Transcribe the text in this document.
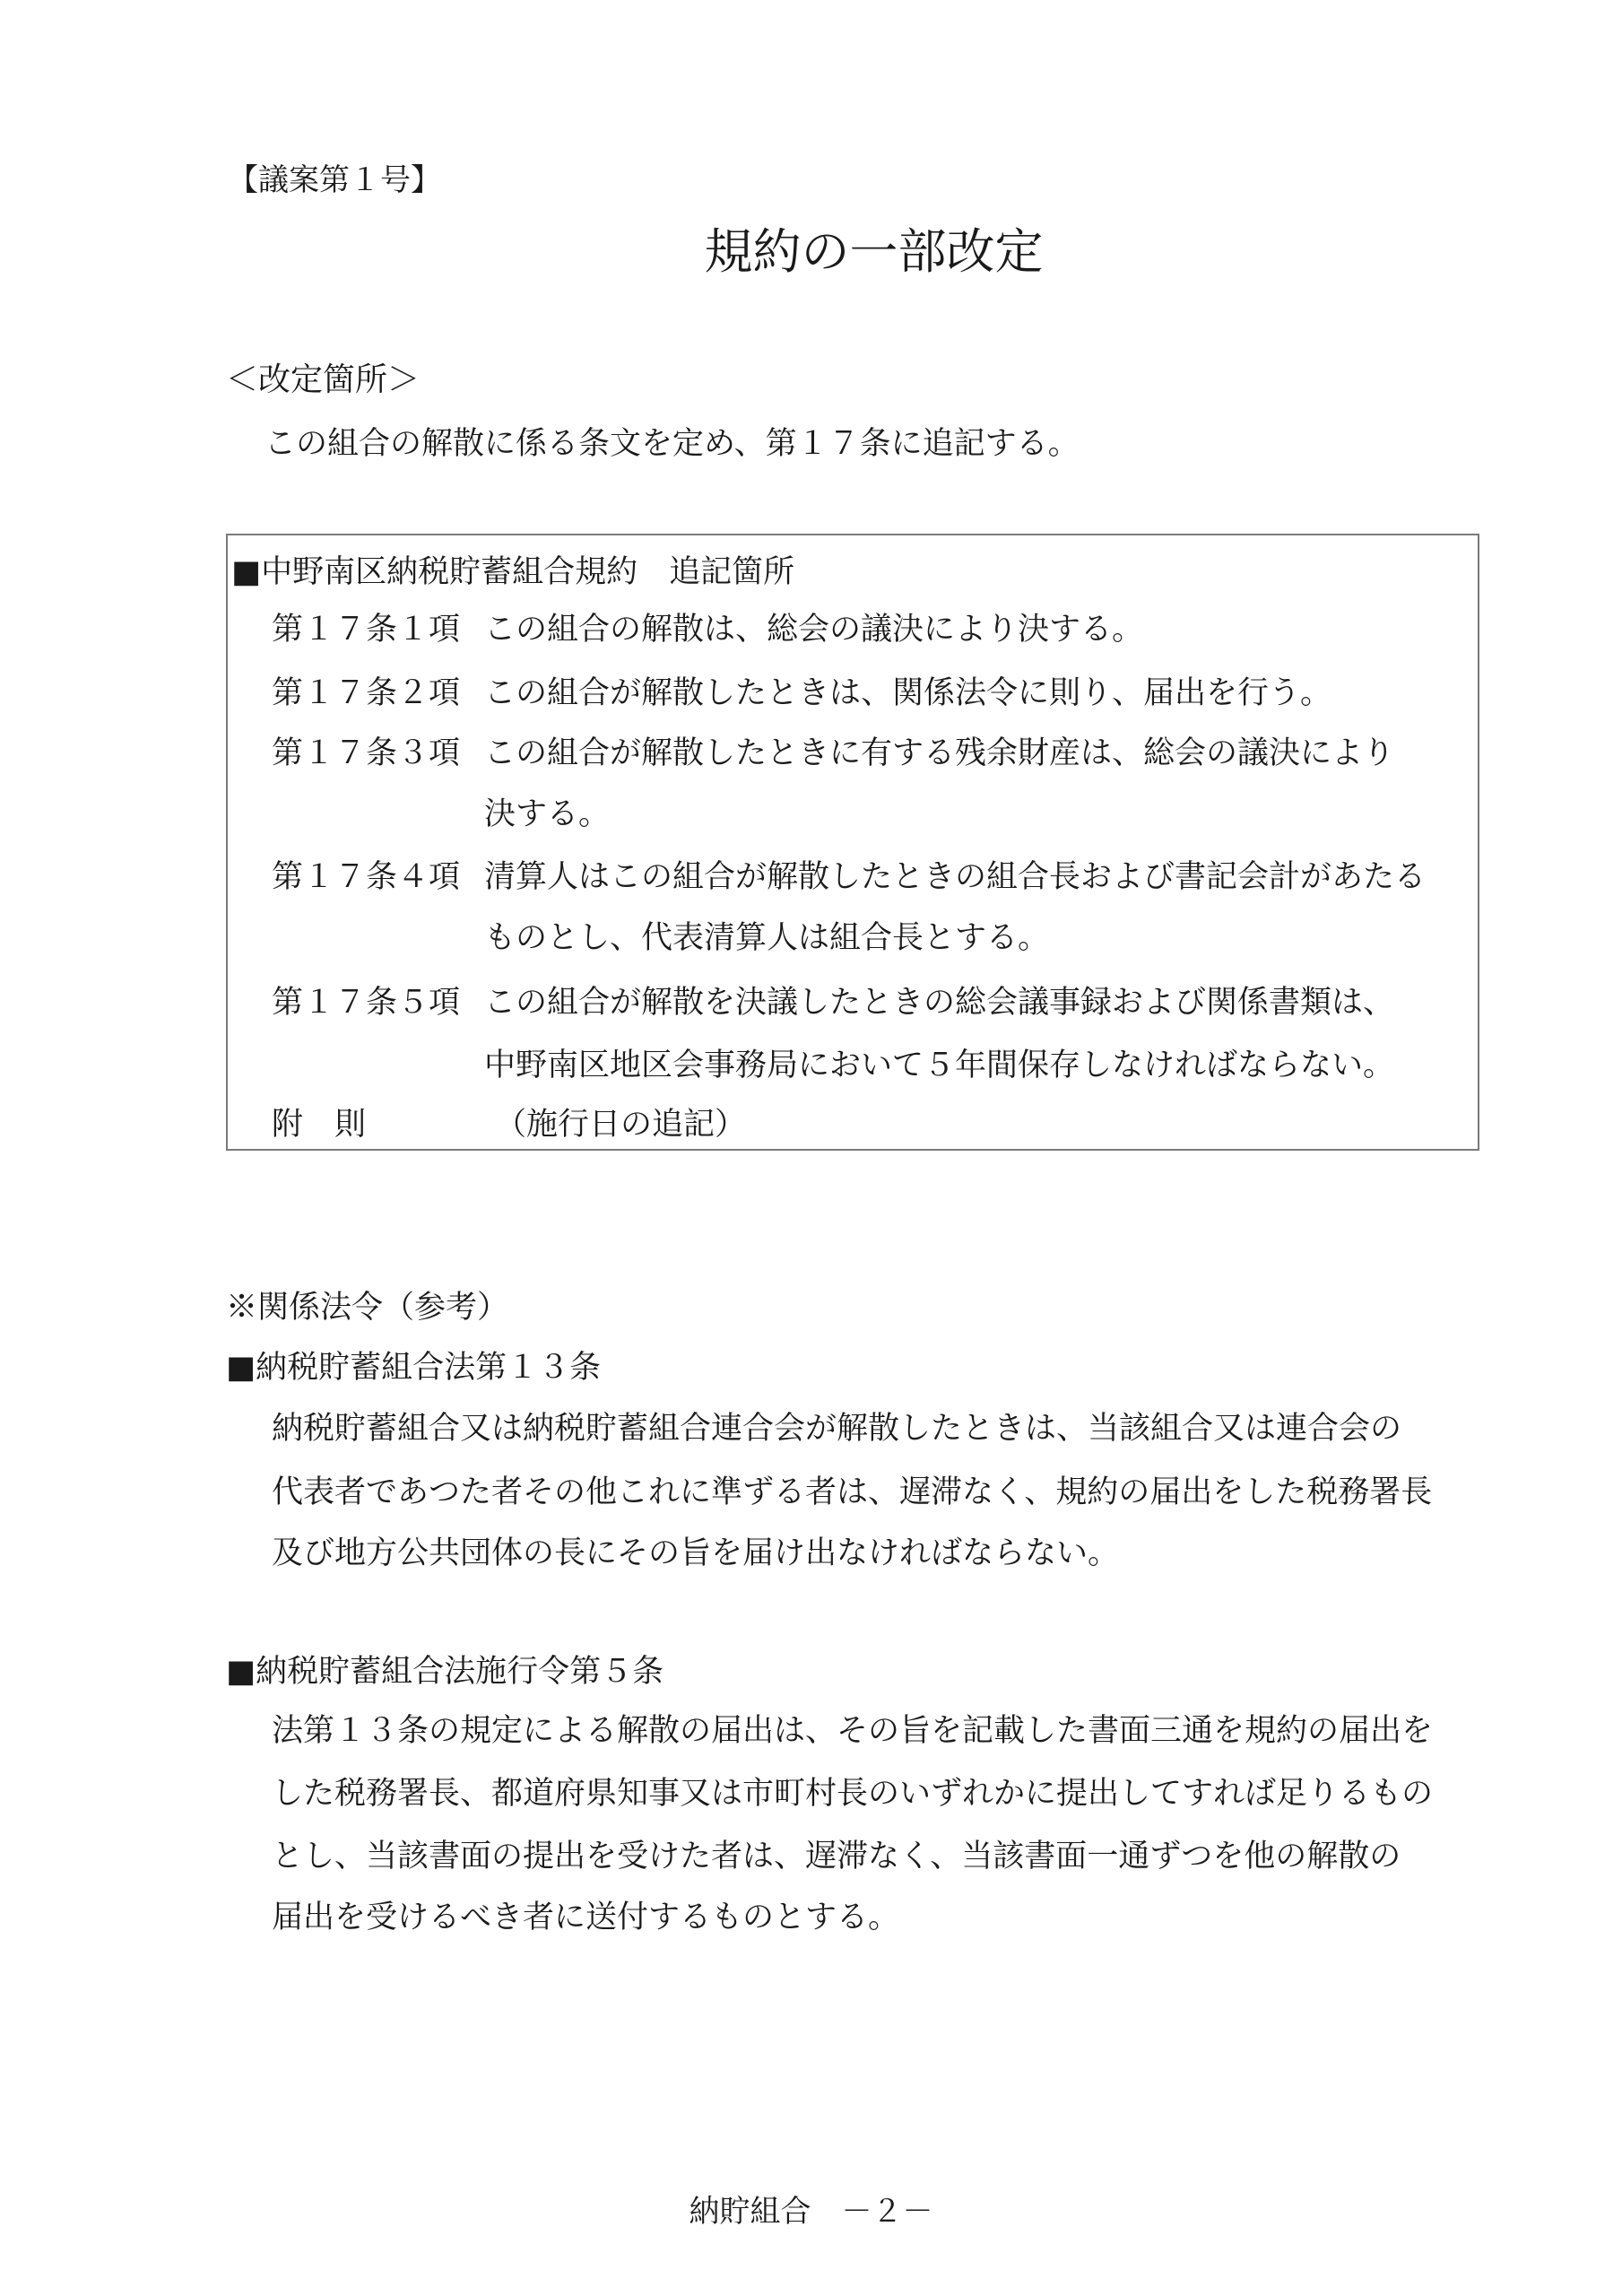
【議案第１号】
規約の一部改定
＜改定箇所＞
この組合の解散に係る条文を定め、第１７条に追記する。
■中野南区納税貯蓄組合規約　追記箇所
第１７条１項 この組合の解散は、総会の議決により決する。
第１７条２項 この組合が解散したときは、関係法令に則り、届出を行う。
第１７条３項 この組合が解散したときに有する残余財産は、総会の議決により
決する。
第１７条４項 清算人はこの組合が解散したときの組合長および書記会計があたる
ものとし、代表清算人は組合長とする。
第１７条５項 この組合が解散を決議したときの総会議事録および関係書類は、
中野南区地区会事務局において５年間保存しなければならない。
附　則	（施行日の追記）
※関係法令（参考）
■納税貯蓄組合法第１３条
納税貯蓄組合又は納税貯蓄組合連合会が解散したときは、当該組合又は連合会の
代表者であつた者その他これに準ずる者は、遅滞なく、規約の届出をした税務署長
及び地方公共団体の長にその旨を届け出なければならない。
■納税貯蓄組合法施行令第５条
法第１３条の規定による解散の届出は、その旨を記載した書面三通を規約の届出を
した税務署長、都道府県知事又は市町村長のいずれかに提出してすれば足りるもの
とし、当該書面の提出を受けた者は、遅滞なく、当該書面一通ずつを他の解散の
届出を受けるべき者に送付するものとする。
納貯組合　－２－
